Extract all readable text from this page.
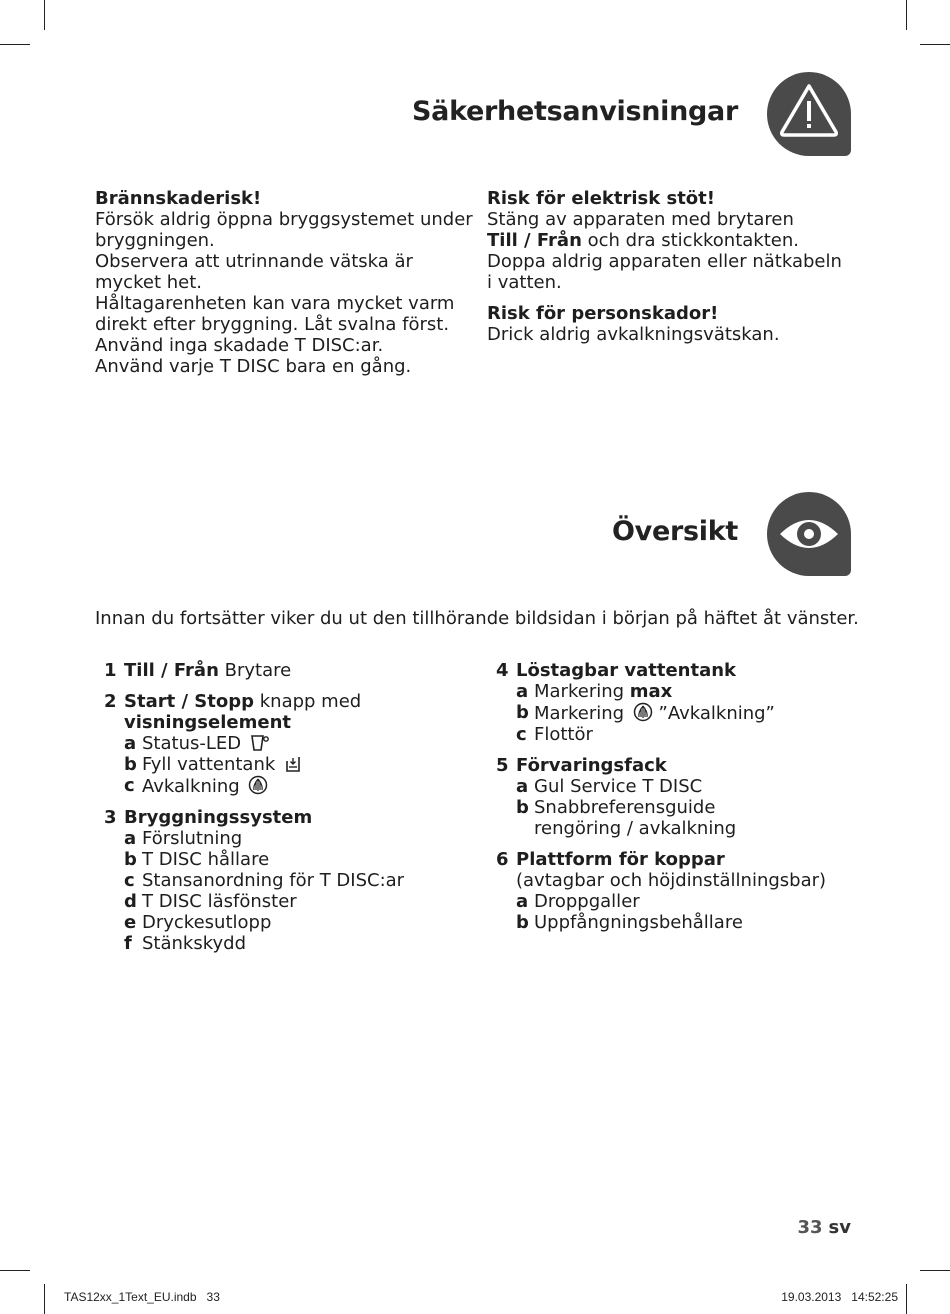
Säkerhetsanvisningar

Brännskaderisk!

Försök aldrig öppna bryggsystemet under

bryggningen.

Observera att utrinnande vätska är

mycket het.

Håltagarenheten kan vara mycket varm

direkt efter bryggning. Låt svalna först.

Använd inga skadade T DISC:ar.

Använd varje T DISC bara en gång.

Risk för elektrisk stöt!

Stäng av apparaten med brytaren

Till / Från och dra stickkontakten.

Doppa aldrig apparaten eller nätkabeln

i vatten.

Risk för personskador!

Drick aldrig avkalkningsvätskan.

Översikt
Innan du fortsätter viker du ut den tillhörande bildsidan i början på häftet åt vänster.
1 Till / Från Brytare
2 Start / Stopp knapp med
visningselement
a Status-LED
b Fyll vattentank
c Avkalkning
3 Bryggningssystem
a Förslutning
b T DISC hållare
c Stansanordning för T DISC:ar
d T DISC läsfönster
e Dryckesutlopp
f Stänkskydd
4 Löstagbar vattentank
a Markering max
b Markering  ”Avkalkning”
c Flottör
5 Förvaringsfack
a Gul Service T DISC
b Snabbreferensguide
rengöring / avkalkning
6 Plattform för koppar
(avtagbar och höjdinställningsbar)
a Droppgaller
b Uppfångningsbehållare
33 sv
TAS12xx_1Text_EU.indb   33	19.03.2013   14:52:25
